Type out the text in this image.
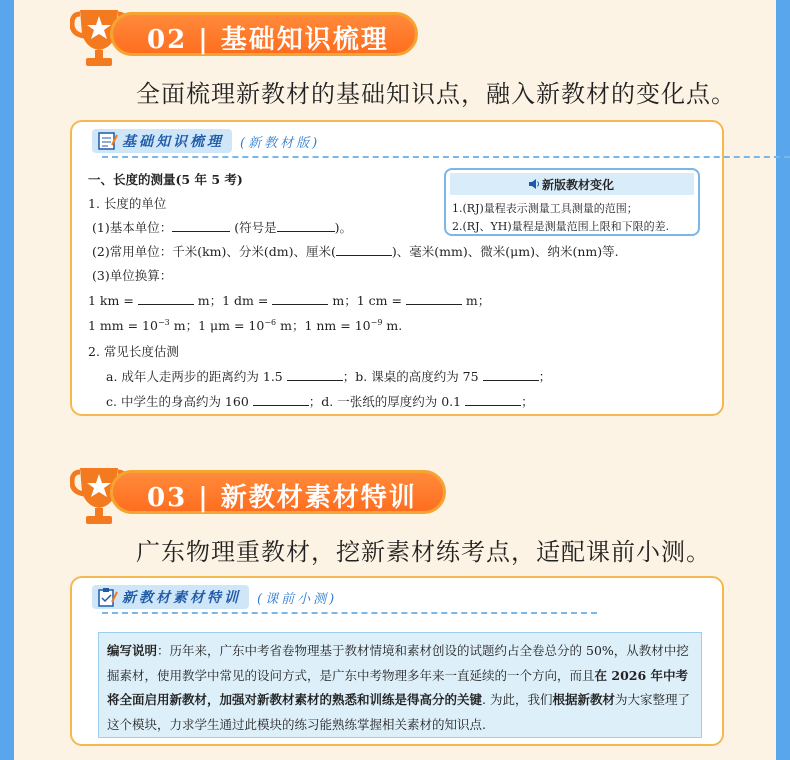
02 | 基础知识梳理
全面梳理新教材的基础知识点，融入新教材的变化点。
基础知识梳理	(新教材版)
一、长度的测量(5 年 5 考)
1. 长度的单位
(1)基本单位：	(符号是	)。
(2)常用单位：千米(km)、分米(dm)、厘米(	)、毫米(mm)、微米(μm)、纳米(nm)等.
(3)单位换算：
1 km =	m；1 dm =	m；1 cm =	m；
1 mm = $10^{-3}$ m；1 $\mu m = 10^{-6}$ m；1 nm = $10^{-9}$ m.
2. 常见长度估测
a. 成年人走两步的距离约为 1.5	；b. 课桌的高度约为 75	；
c. 中学生的身高约为 160	；d. 一张纸的厚度约为 0.1	；
新版教材变化
1.(RJ)量程表示测量工具测量的范围；
2.(RJ、YH)量程是测量范围上限和下限的差.
03 | 新教材素材特训
广东物理重教材，挖新素材练考点，适配课前小测。
新教材素材特训	(课前小测)
编写说明：历年来，广东中考省卷物理基于教材情境和素材创设的试题约占全卷总分的 50%，从教材中挖掘素材，使用教学中常见的设问方式，是广东中考物理多年来一直延续的一个方向，而且在 2026 年中考将全面启用新教材，加强对新教材素材的熟悉和训练是得高分的关键. 为此，我们根据新教材为大家整理了这个模块，力求学生通过此模块的练习能熟练掌握相关素材的知识点.
